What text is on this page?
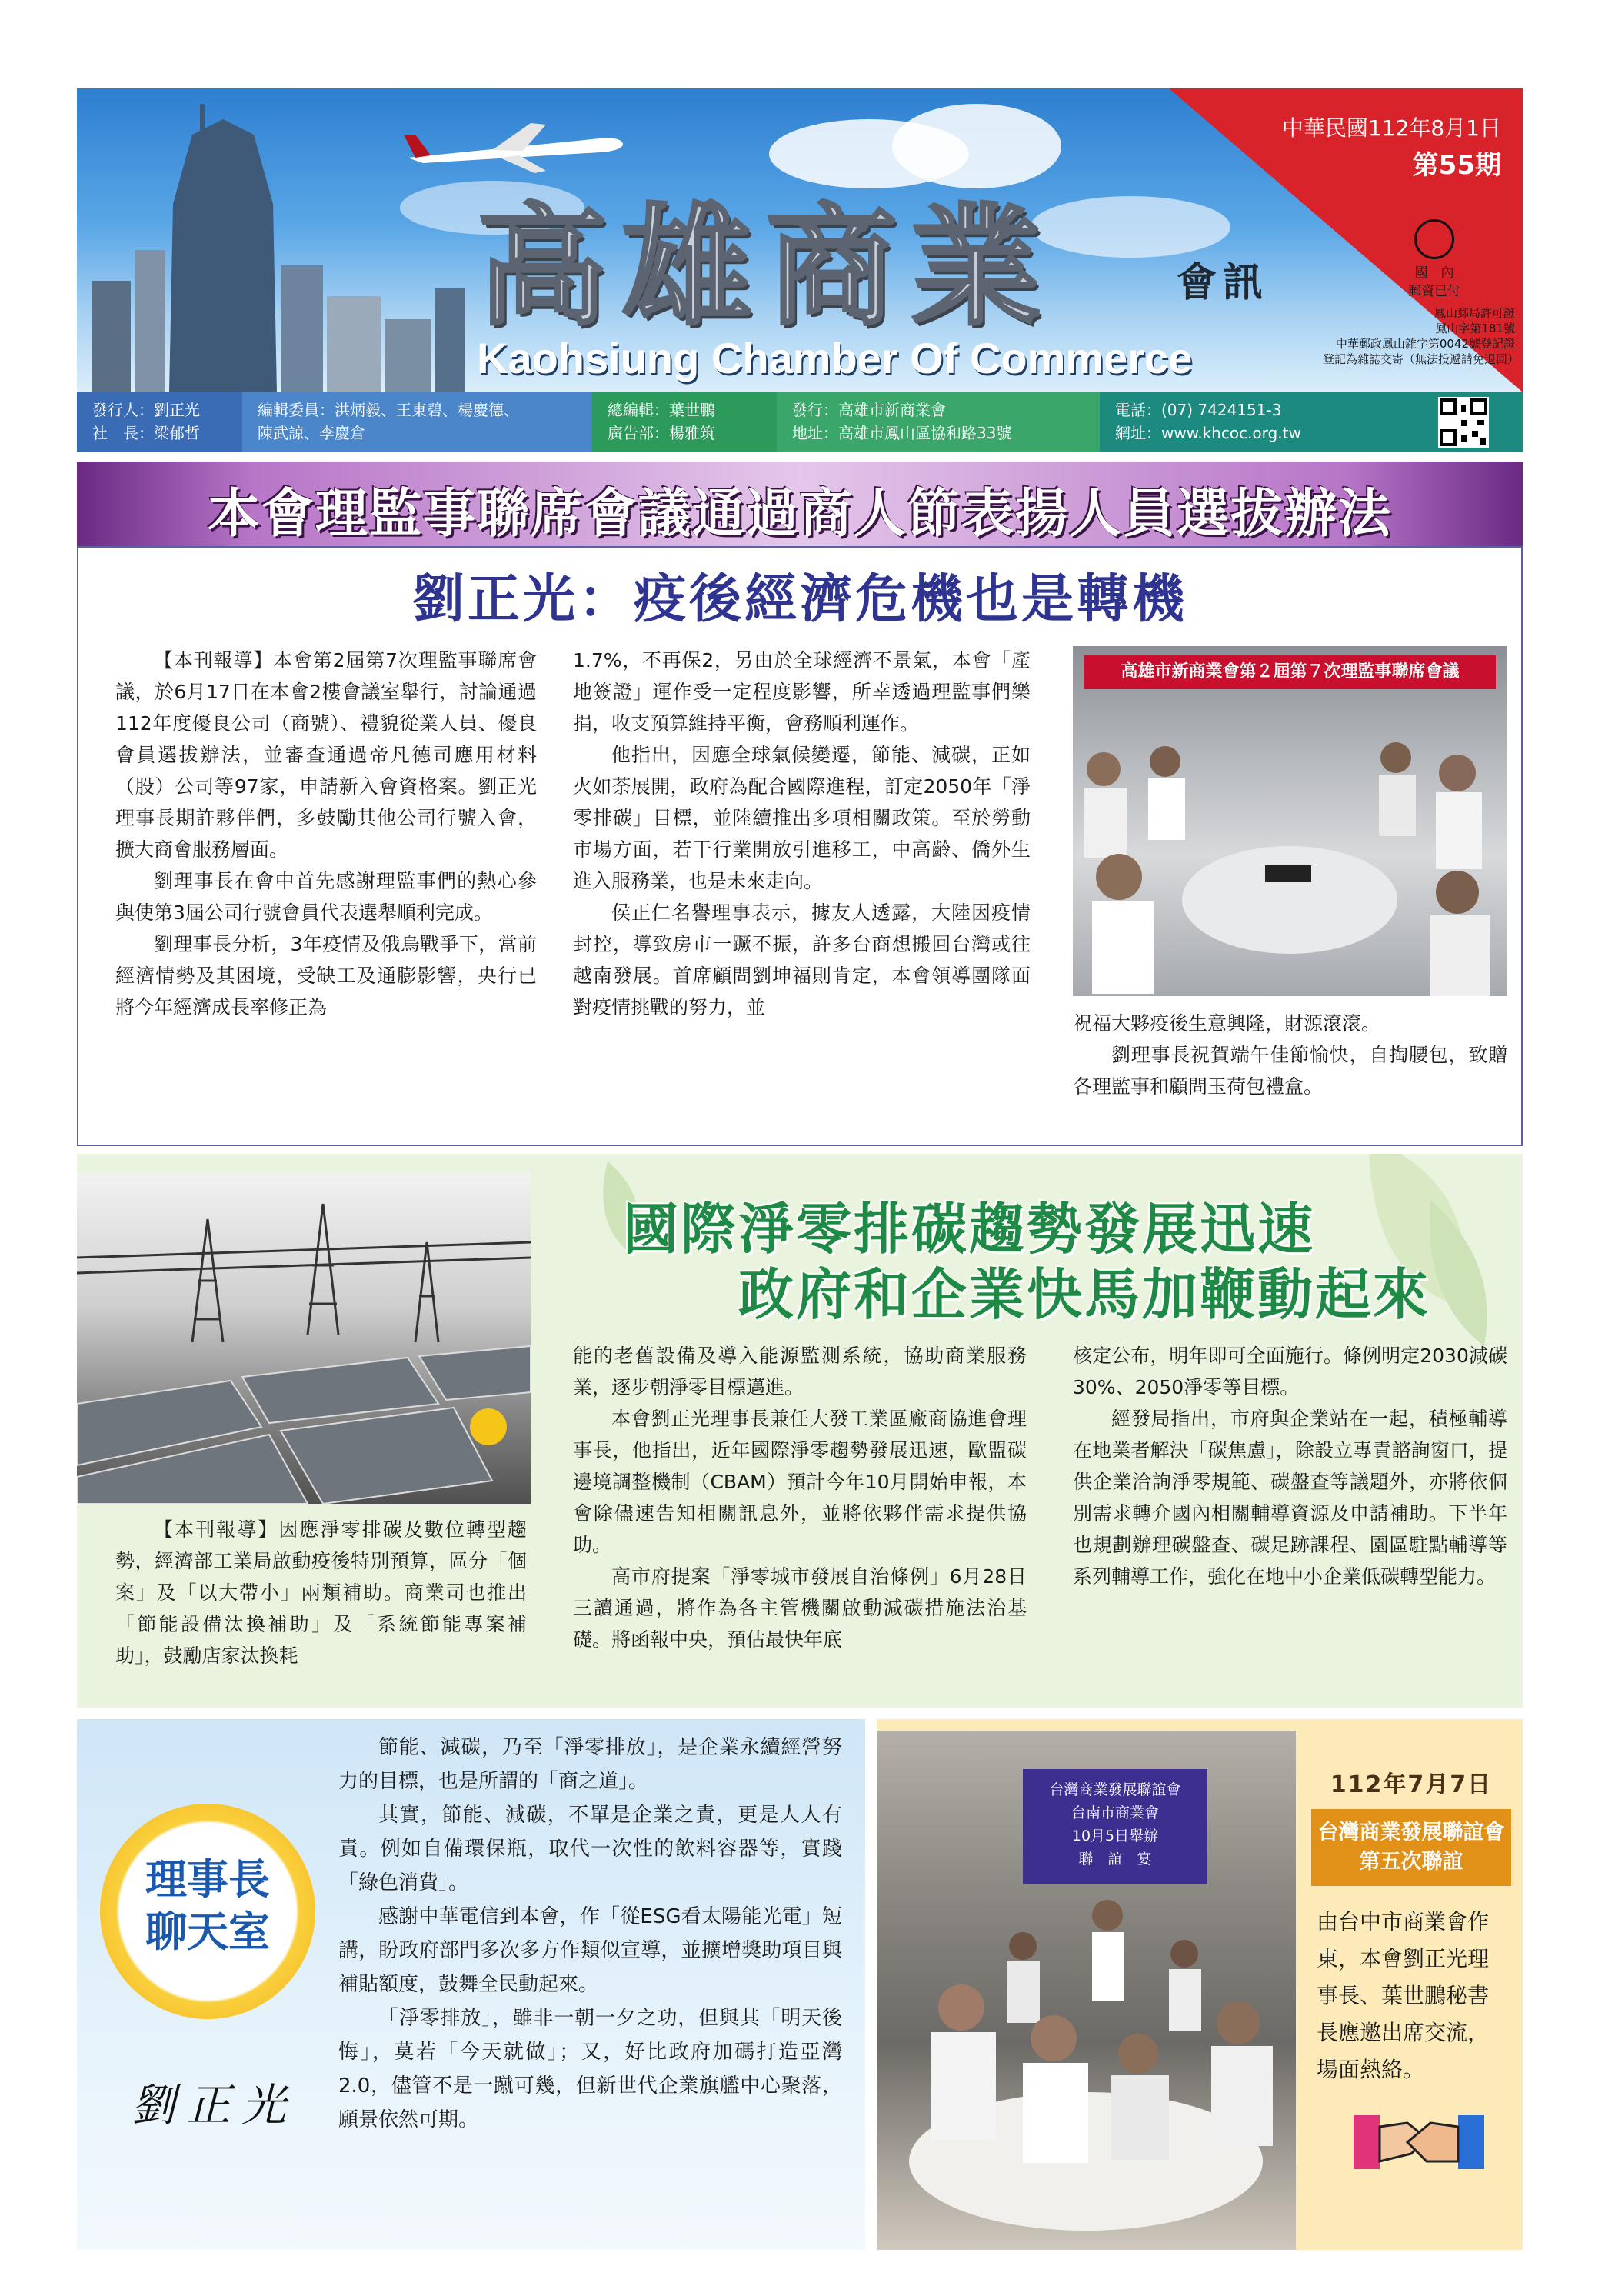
中華民國112年8月1日
第55期
高雄商業	會訊
Kaohsiung Chamber Of Commerce
國　內
郵資已付
鳳山郵局許可證
鳳山字第181號
中華郵政鳳山雜字第0042號登記證
登記為雜誌交寄（無法投遞請免退回）
發行人：劉正光
社　長：梁郁哲
編輯委員：洪炳毅、王東碧、楊慶德、
陳武諒、李慶倉
總編輯：葉世鵬
廣告部：楊雅筑
發行：高雄市新商業會
地址：高雄市鳳山區協和路33號
電話：(07) 7424151-3
網址：www.khcoc.org.tw
本會理監事聯席會議通過商人節表揚人員選拔辦法
劉正光：疫後經濟危機也是轉機

【本刊報導】本會第2屆第7次理監事聯席會議，於6月17日在本會2樓會議室舉行，討論通過112年度優良公司（商號）、禮貌從業人員、優良會員選拔辦法，並審查通過帝凡德司應用材料（股）公司等97家，申請新入會資格案。劉正光理事長期許夥伴們，多鼓勵其他公司行號入會，擴大商會服務層面。

劉理事長在會中首先感謝理監事們的熱心參與使第3屆公司行號會員代表選舉順利完成。

劉理事長分析，3年疫情及俄烏戰爭下，當前經濟情勢及其困境，受缺工及通膨影響，央行已將今年經濟成長率修正為

1.7%，不再保2，另由於全球經濟不景氣，本會「產地簽證」運作受一定程度影響，所幸透過理監事們樂捐，收支預算維持平衡，會務順利運作。

他指出，因應全球氣候變遷，節能、減碳，正如火如荼展開，政府為配合國際進程，訂定2050年「淨零排碳」目標，並陸續推出多項相關政策。至於勞動市場方面，若干行業開放引進移工，中高齡、僑外生進入服務業，也是未來走向。

侯正仁名譽理事表示，據友人透露，大陸因疫情封控，導致房市一蹶不振，許多台商想搬回台灣或往越南發展。首席顧問劉坤福則肯定，本會領導團隊面對疫情挑戰的努力，並

高雄市新商業會第２屆第７次理監事聯席會議

祝福大夥疫後生意興隆，財源滾滾。

劉理事長祝賀端午佳節愉快，自掏腰包，致贈各理監事和顧問玉荷包禮盒。

國際淨零排碳趨勢發展迅速
政府和企業快馬加鞭動起來

【本刊報導】因應淨零排碳及數位轉型趨勢，經濟部工業局啟動疫後特別預算，區分「個案」及「以大帶小」兩類補助。商業司也推出「節能設備汰換補助」及「系統節能專案補助」，鼓勵店家汰換耗

能的老舊設備及導入能源監測系統，協助商業服務業，逐步朝淨零目標邁進。

本會劉正光理事長兼任大發工業區廠商協進會理事長，他指出，近年國際淨零趨勢發展迅速，歐盟碳邊境調整機制（CBAM）預計今年10月開始申報，本會除儘速告知相關訊息外，並將依夥伴需求提供協助。

高市府提案「淨零城市發展自治條例」6月28日三讀通過，將作為各主管機關啟動減碳措施法治基礎。將函報中央，預估最快年底

核定公布，明年即可全面施行。條例明定2030減碳30%、2050淨零等目標。

經發局指出，市府與企業站在一起，積極輔導在地業者解決「碳焦慮」，除設立專責諮詢窗口，提供企業洽詢淨零規範、碳盤查等議題外，亦將依個別需求轉介國內相關輔導資源及申請補助。下半年也規劃辦理碳盤查、碳足跡課程、園區駐點輔導等系列輔導工作，強化在地中小企業低碳轉型能力。

理事長
聊天室
劉正光

節能、減碳，乃至「淨零排放」，是企業永續經營努力的目標，也是所謂的「商之道」。

其實，節能、減碳，不單是企業之責，更是人人有責。例如自備環保瓶，取代一次性的飲料容器等，實踐「綠色消費」。

感謝中華電信到本會，作「從ESG看太陽能光電」短講，盼政府部門多次多方作類似宣導，並擴增獎助項目與補貼額度，鼓舞全民動起來。

「淨零排放」，雖非一朝一夕之功，但與其「明天後悔」，莫若「今天就做」；又，好比政府加碼打造亞灣2.0，儘管不是一蹴可幾，但新世代企業旗艦中心聚落，願景依然可期。

台灣商業發展聯誼會
台南市商業會
10月5日舉辦
聯　誼　宴
112年7月7日
台灣商業發展聯誼會
第五次聯誼
由台中市商業會作東，本會劉正光理事長、葉世鵬秘書長應邀出席交流，場面熱絡。
